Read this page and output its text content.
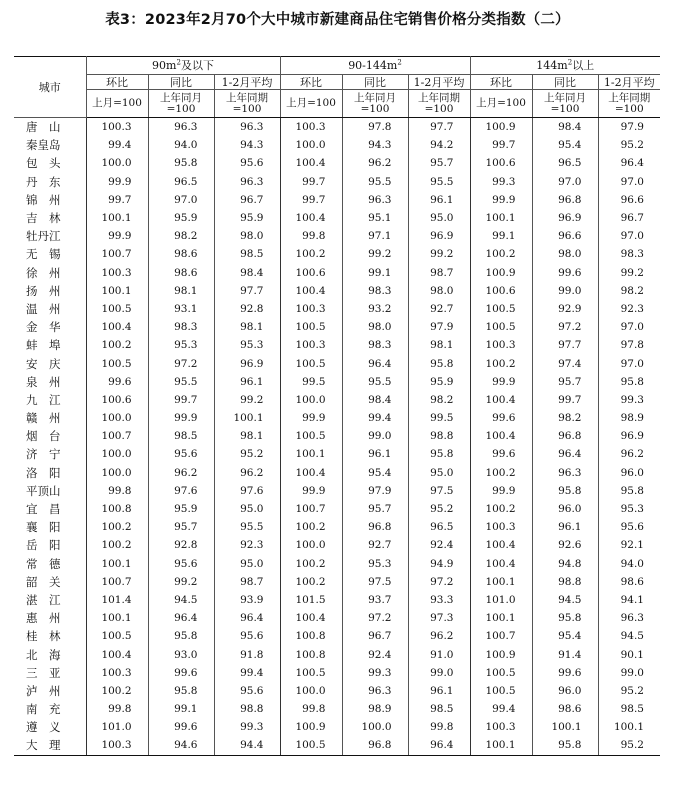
表3：2023年2月70个大中城市新建商品住宅销售价格分类指数（二）
城市	$90m^2$及以下			$90-144m^2$			$144m^2$以上		
	环比	同比	1-2月平均	环比	同比	1-2月平均	环比	同比	1-2月平均
	上月=100	上年同月=100	上年同期=100	上月=100	上年同月=100	上年同期=100	上月=100	上年同月=100	上年同期=100
唐　山	100.3	96.3	96.3	100.3	97.8	97.7	100.9	98.4	97.9
秦皇岛	99.4	94.0	94.3	100.0	94.3	94.2	99.7	95.4	95.2
包　头	100.0	95.8	95.6	100.4	96.2	95.7	100.6	96.5	96.4
丹　东	99.9	96.5	96.3	99.7	95.5	95.5	99.3	97.0	97.0
锦　州	99.7	97.0	96.7	99.7	96.3	96.1	99.9	96.8	96.6
吉　林	100.1	95.9	95.9	100.4	95.1	95.0	100.1	96.9	96.7
牡丹江	99.9	98.2	98.0	99.8	97.1	96.9	99.1	96.6	97.0
无　锡	100.7	98.6	98.5	100.2	99.2	99.2	100.2	98.0	98.3
徐　州	100.3	98.6	98.4	100.6	99.1	98.7	100.9	99.6	99.2
扬　州	100.1	98.1	97.7	100.4	98.3	98.0	100.6	99.0	98.2
温　州	100.5	93.1	92.8	100.3	93.2	92.7	100.5	92.9	92.3
金　华	100.4	98.3	98.1	100.5	98.0	97.9	100.5	97.2	97.0
蚌　埠	100.2	95.3	95.3	100.3	98.3	98.1	100.3	97.7	97.8
安　庆	100.5	97.2	96.9	100.5	96.4	95.8	100.2	97.4	97.0
泉　州	99.6	95.5	96.1	99.5	95.5	95.9	99.9	95.7	95.8
九　江	100.6	99.7	99.2	100.0	98.4	98.2	100.4	99.7	99.3
赣　州	100.0	99.9	100.1	99.9	99.4	99.5	99.6	98.2	98.9
烟　台	100.7	98.5	98.1	100.5	99.0	98.8	100.4	96.8	96.9
济　宁	100.0	95.6	95.2	100.1	96.1	95.8	99.6	96.4	96.2
洛　阳	100.0	96.2	96.2	100.4	95.4	95.0	100.2	96.3	96.0
平顶山	99.8	97.6	97.6	99.9	97.9	97.5	99.9	95.8	95.8
宜　昌	100.8	95.9	95.0	100.7	95.7	95.2	100.2	96.0	95.3
襄　阳	100.2	95.7	95.5	100.2	96.8	96.5	100.3	96.1	95.6
岳　阳	100.2	92.8	92.3	100.0	92.7	92.4	100.4	92.6	92.1
常　德	100.1	95.6	95.0	100.2	95.3	94.9	100.4	94.8	94.0
韶　关	100.7	99.2	98.7	100.2	97.5	97.2	100.1	98.8	98.6
湛　江	101.4	94.5	93.9	101.5	93.7	93.3	101.0	94.5	94.1
惠　州	100.1	96.4	96.4	100.4	97.2	97.3	100.1	95.8	96.3
桂　林	100.5	95.8	95.6	100.8	96.7	96.2	100.7	95.4	94.5
北　海	100.4	93.0	91.8	100.8	92.4	91.0	100.9	91.4	90.1
三　亚	100.3	99.6	99.4	100.5	99.3	99.0	100.5	99.6	99.0
泸　州	100.2	95.8	95.6	100.0	96.3	96.1	100.5	96.0	95.2
南　充	99.8	99.1	98.8	99.8	98.9	98.5	99.4	98.6	98.5
遵　义	101.0	99.6	99.3	100.9	100.0	99.8	100.3	100.1	100.1
大　理	100.3	94.6	94.4	100.5	96.8	96.4	100.1	95.8	95.2
